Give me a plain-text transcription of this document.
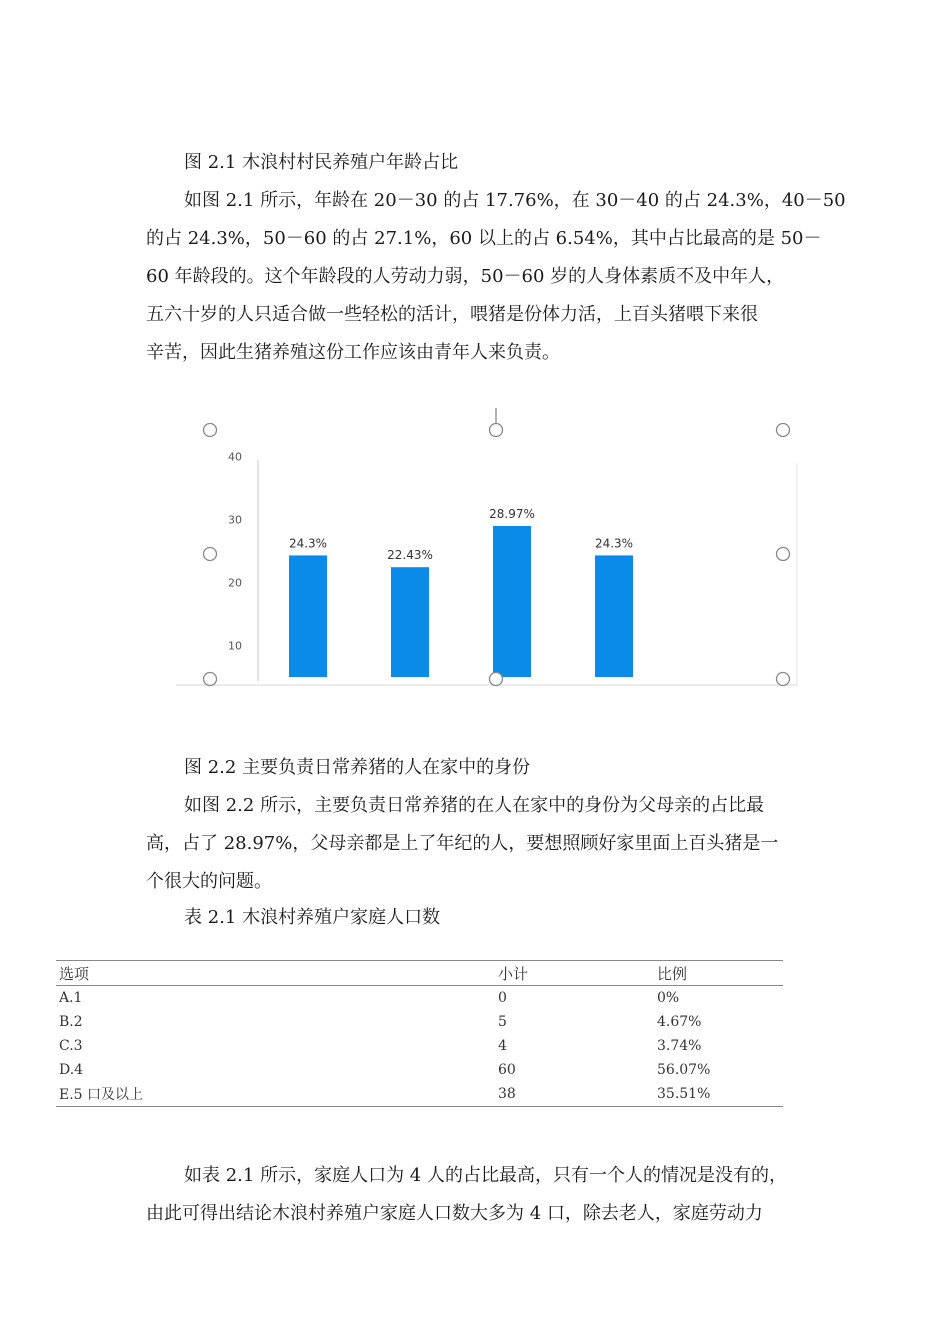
图 2.1 木浪村村民养殖户年龄占比
如图 2.1 所示，年龄在 20－30 的占 17.76%，在 30－40 的占 24.3%，40－50
的占 24.3%，50－60 的占 27.1%，60 以上的占 6.54%，其中占比最高的是 50－
60 年龄段的。这个年龄段的人劳动力弱，50－60 岁的人身体素质不及中年人，
五六十岁的人只适合做一些轻松的活计，喂猪是份体力活，上百头猪喂下来很
辛苦，因此生猪养殖这份工作应该由青年人来负责。
10
20
30
40
24.3%
22.43%
28.97%
24.3%
图 2.2 主要负责日常养猪的人在家中的身份
如图 2.2 所示，主要负责日常养猪的在人在家中的身份为父母亲的占比最
高，占了 28.97%，父母亲都是上了年纪的人，要想照顾好家里面上百头猪是一
个很大的问题。
表 2.1 木浪村养殖户家庭人口数
选项	小计	比例
A.1	0	0%
B.2	5	4.67%
C.3	4	3.74%
D.4	60	56.07%
E.5 口及以上	38	35.51%
如表 2.1 所示，家庭人口为 4 人的占比最高，只有一个人的情况是没有的，
由此可得出结论木浪村养殖户家庭人口数大多为 4 口，除去老人，家庭劳动力
